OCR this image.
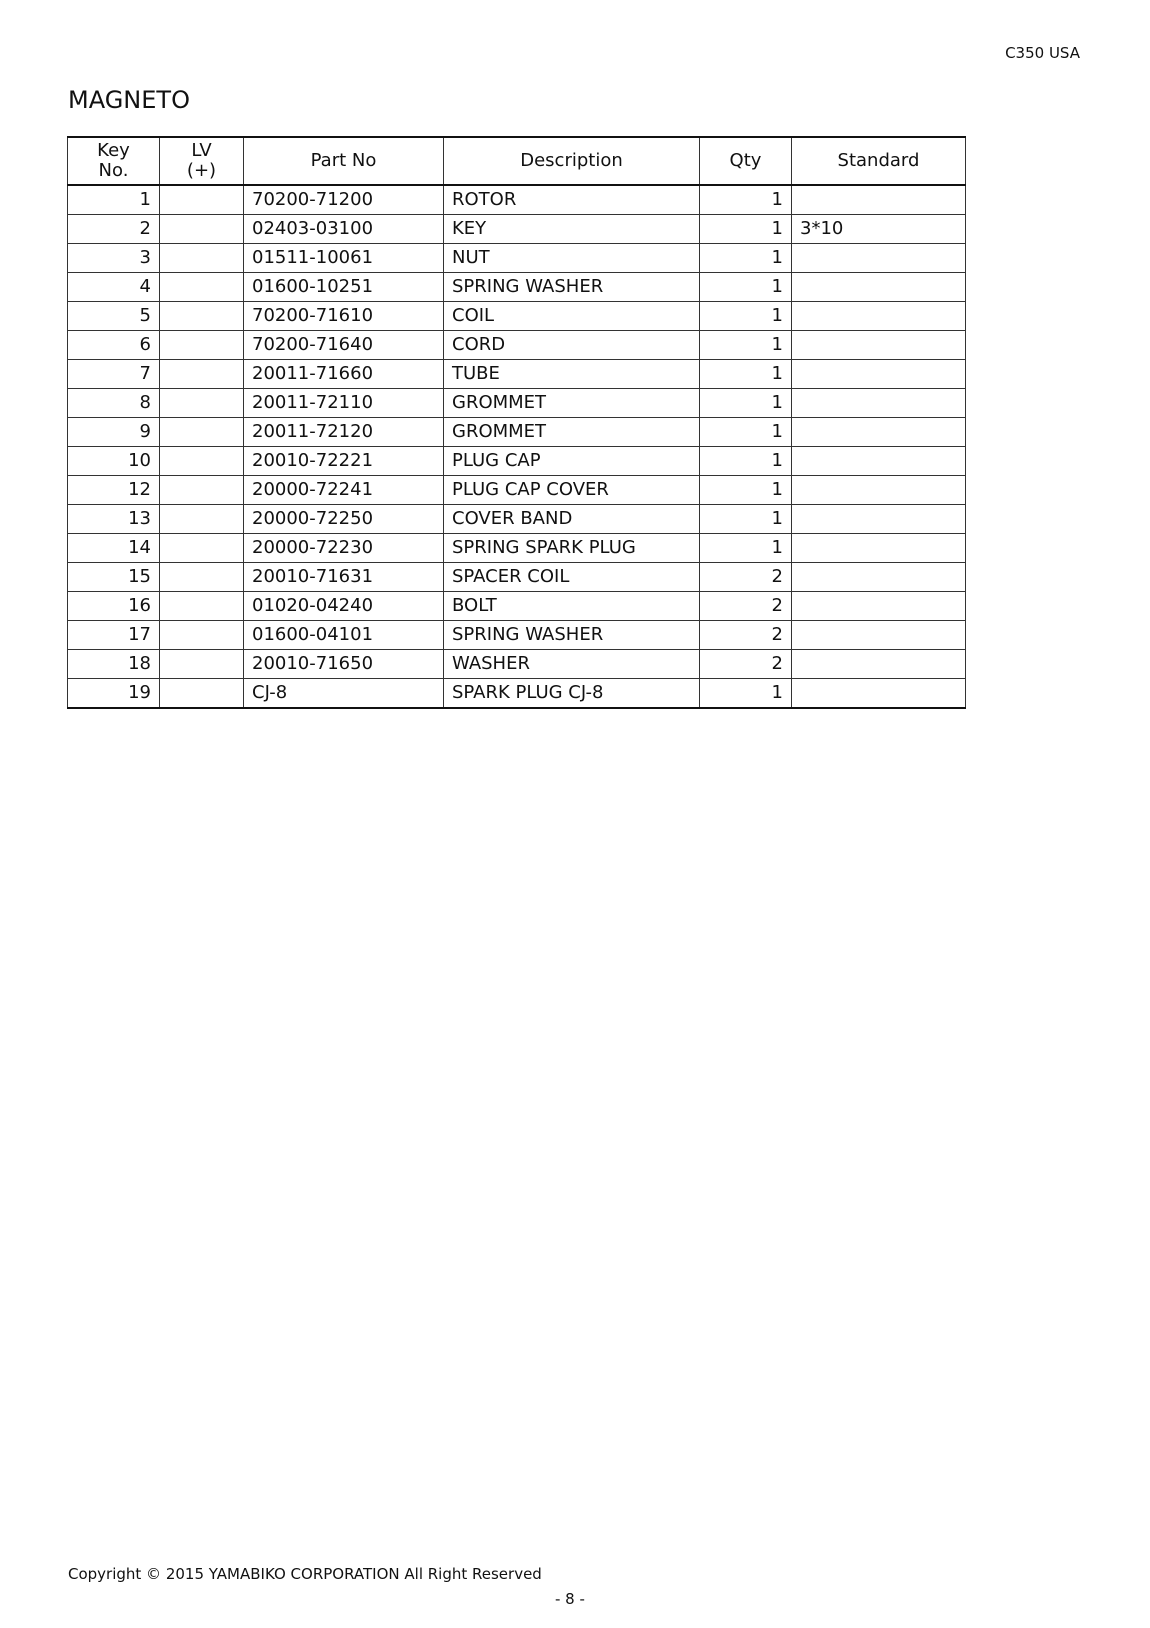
C350 USA
MAGNETO
Key
No.	LV
(+)	Part No	Description	Qty	Standard
1		70200-71200	ROTOR	1	
2		02403-03100	KEY	1	3*10
3		01511-10061	NUT	1	
4		01600-10251	SPRING WASHER	1	
5		70200-71610	COIL	1	
6		70200-71640	CORD	1	
7		20011-71660	TUBE	1	
8		20011-72110	GROMMET	1	
9		20011-72120	GROMMET	1	
10		20010-72221	PLUG CAP	1	
12		20000-72241	PLUG CAP COVER	1	
13		20000-72250	COVER BAND	1	
14		20000-72230	SPRING SPARK PLUG	1	
15		20010-71631	SPACER COIL	2	
16		01020-04240	BOLT	2	
17		01600-04101	SPRING WASHER	2	
18		20010-71650	WASHER	2	
19		CJ-8	SPARK PLUG CJ-8	1	
Copyright © 2015 YAMABIKO CORPORATION All Right Reserved
- 8 -
